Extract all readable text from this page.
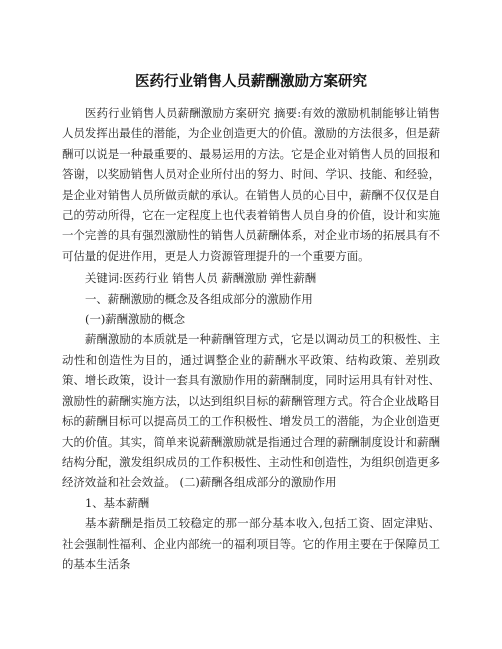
医药行业销售人员薪酬激励方案研究

医药行业销售人员薪酬激励方案研究 摘要:有效的激励机制能够让销售人员发挥出最佳的潜能，为企业创造更大的价值。激励的方法很多，但是薪酬可以说是一种最重要的、最易运用的方法。它是企业对销售人员的回报和答谢，以奖励销售人员对企业所付出的努力、时间、学识、技能、和经验，是企业对销售人员所做贡献的承认。在销售人员的心目中，薪酬不仅仅是自己的劳动所得，它在一定程度上也代表着销售人员自身的价值，设计和实施一个完善的具有强烈激励性的销售人员薪酬体系，对企业市场的拓展具有不可估量的促进作用，更是人力资源管理提升的一个重要方面。

关键词:医药行业 销售人员 薪酬激励 弹性薪酬

一、薪酬激励的概念及各组成部分的激励作用

(一)薪酬激励的概念

薪酬激励的本质就是一种薪酬管理方式，它是以调动员工的积极性、主动性和创造性为目的，通过调整企业的薪酬水平政策、结构政策、差别政策、增长政策，设计一套具有激励作用的薪酬制度，同时运用具有针对性、激励性的薪酬实施方法，以达到组织目标的薪酬管理方式。符合企业战略目标的薪酬目标可以提高员工的工作积极性、增发员工的潜能，为企业创造更大的价值。其实，简单来说薪酬激励就是指通过合理的薪酬制度设计和薪酬结构分配，激发组织成员的工作积极性、主动性和创造性，为组织创造更多经济效益和社会效益。 (二)薪酬各组成部分的激励作用

1、基本薪酬

基本薪酬是指员工较稳定的那一部分基本收入,包括工资、固定津贴、社会强制性福利、企业内部统一的福利项目等。它的作用主要在于保障员工的基本生活条
